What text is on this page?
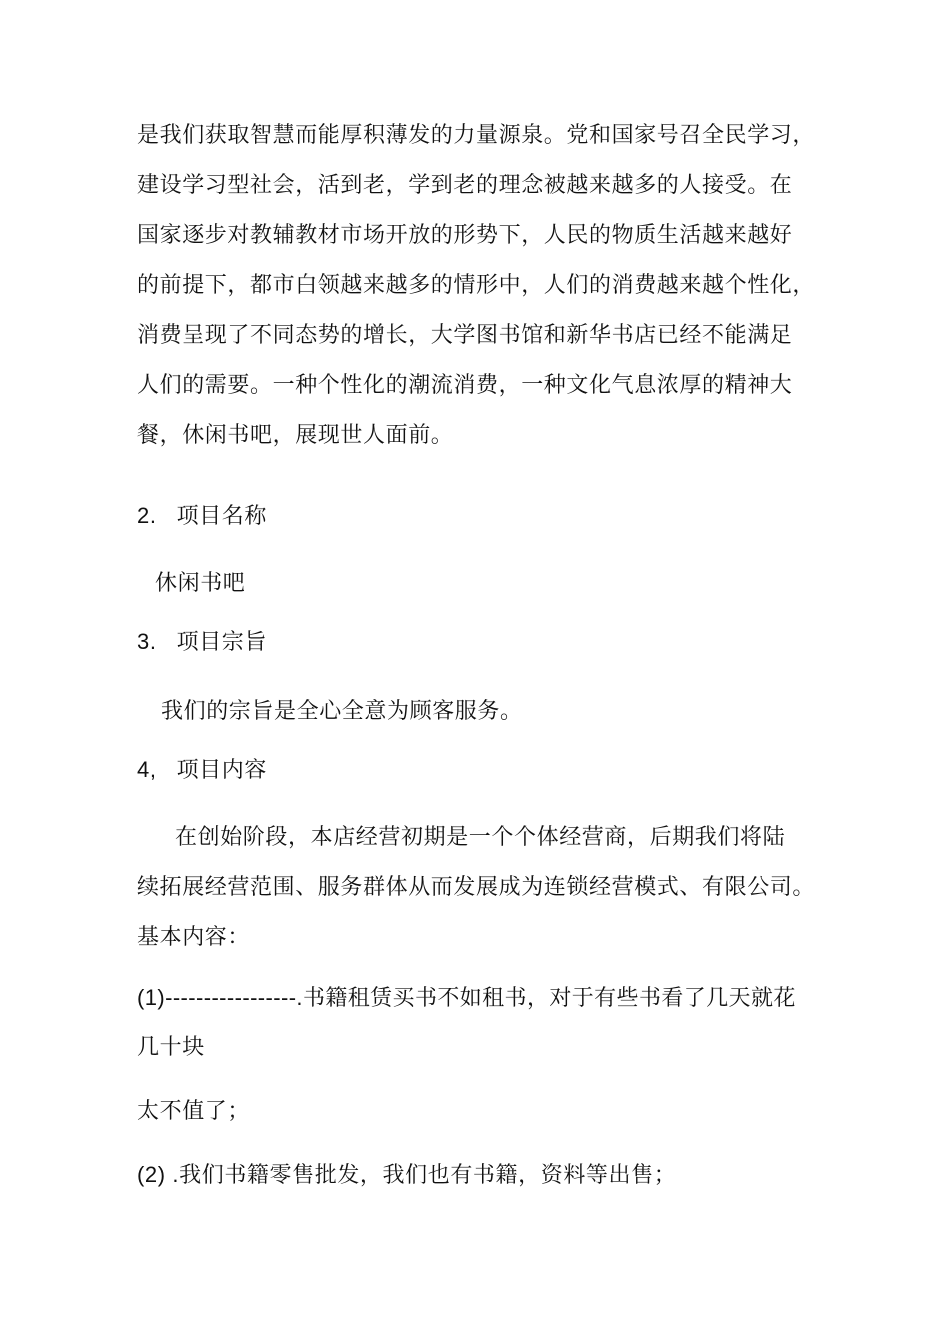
是我们获取智慧而能厚积薄发的力量源泉。党和国家号召全民学习，
建设学习型社会，活到老，学到老的理念被越来越多的人接受。在
国家逐步对教辅教材市场开放的形势下，人民的物质生活越来越好
的前提下，都市白领越来越多的情形中，人们的消费越来越个性化，
消费呈现了不同态势的增长，大学图书馆和新华书店已经不能满足
人们的需要。一种个性化的潮流消费，一种文化气息浓厚的精神大
餐，休闲书吧，展现世人面前。
2. 项目名称
休闲书吧
3. 项目宗旨
我们的宗旨是全心全意为顾客服务。
4, 项目内容
在创始阶段，本店经营初期是一个个体经营商，后期我们将陆
续拓展经营范围、服务群体从而发展成为连锁经营模式、有限公司。
基本内容：
(1)-----------------.书籍租赁买书不如租书，对于有些书看了几天就花
几十块
太不值了；
(2) .我们书籍零售批发，我们也有书籍，资料等出售；
